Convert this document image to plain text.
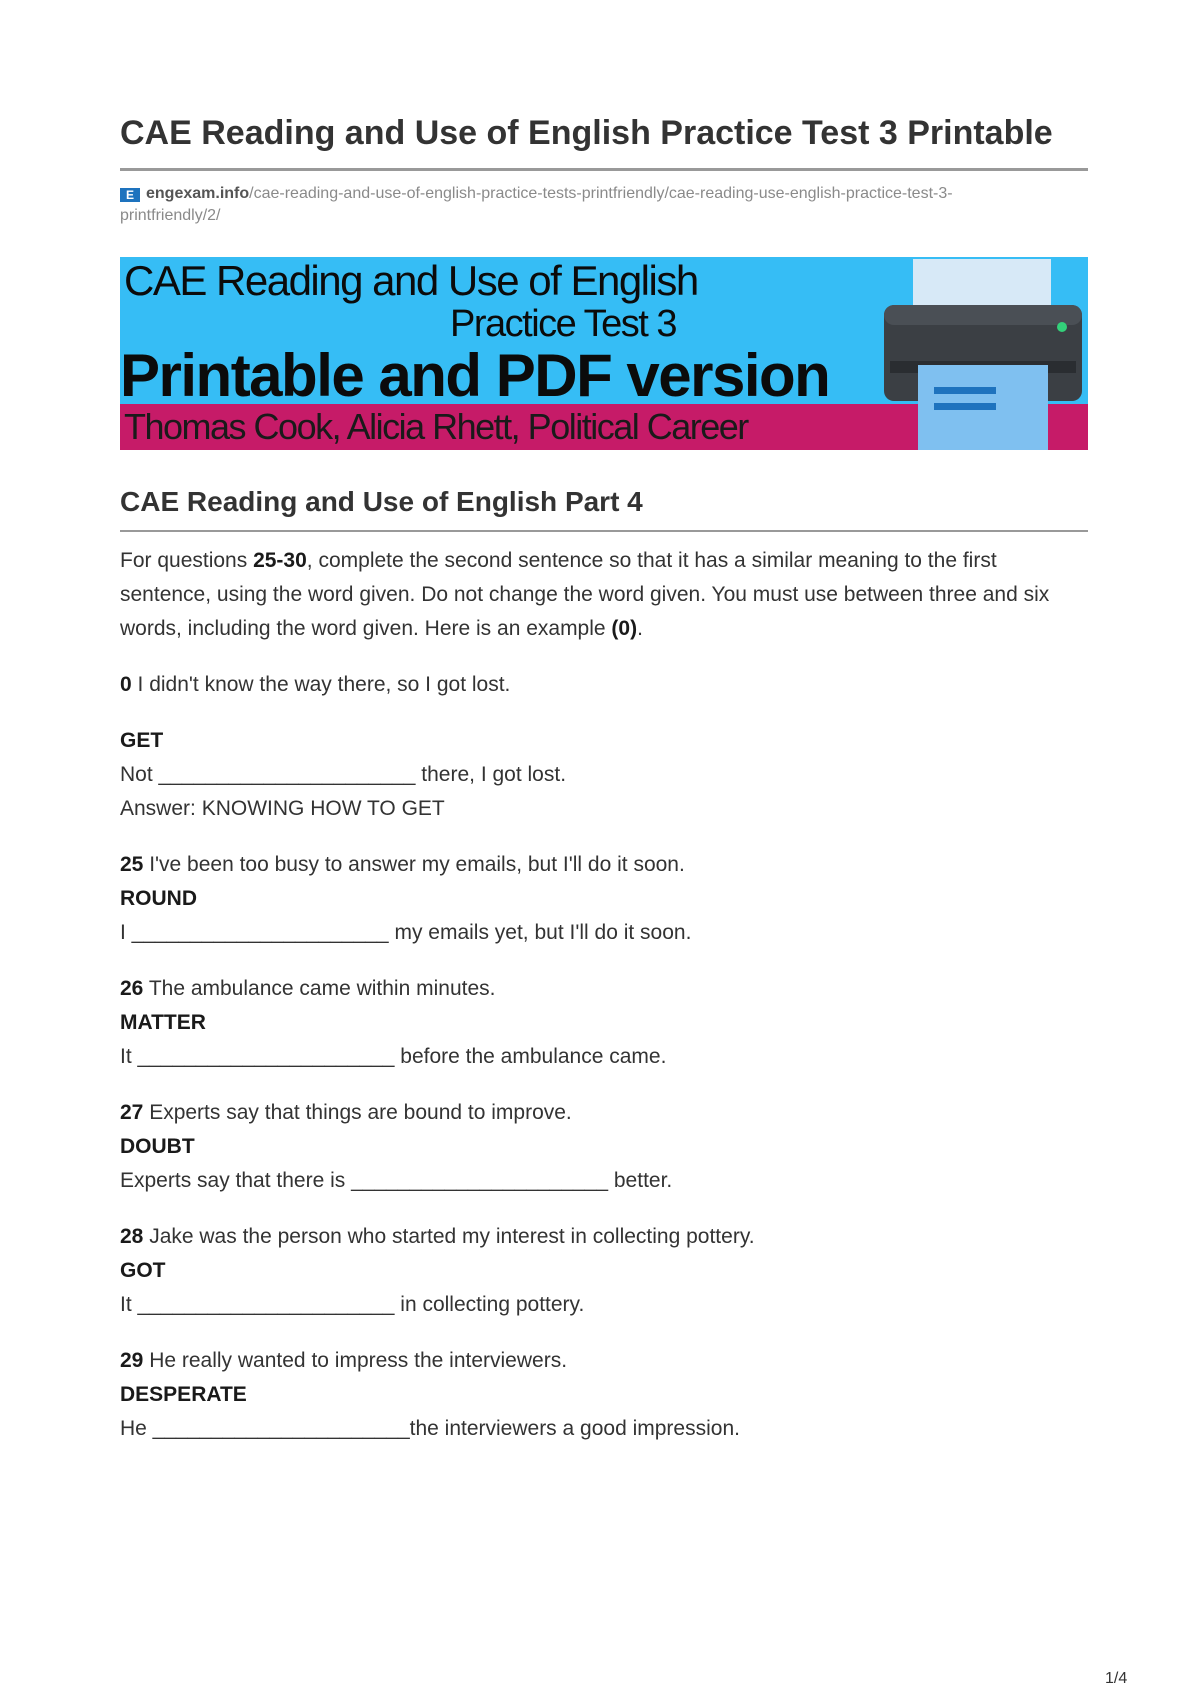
CAE Reading and Use of English Practice Test 3 Printable
E engexam.info/cae-reading-and-use-of-english-practice-tests-printfriendly/cae-reading-use-english-practice-test-3-
printfriendly/2/
CAE Reading and Use of English
Practice Test 3
Printable and PDF version
Thomas Cook, Alicia Rhett, Political Career
CAE Reading and Use of English Part 4

For questions 25-30, complete the second sentence so that it has a similar meaning to the first sentence, using the word given. Do not change the word given. You must use between three and six words, including the word given. Here is an example (0).

0 I didn't know the way there, so I got lost.

GET

Not ______________________ there, I got lost.

Answer: KNOWING HOW TO GET

25 I've been too busy to answer my emails, but I'll do it soon.

ROUND

I ______________________ my emails yet, but I'll do it soon.

26 The ambulance came within minutes.

MATTER

It ______________________ before the ambulance came.

27 Experts say that things are bound to improve.

DOUBT

Experts say that there is ______________________ better.

28 Jake was the person who started my interest in collecting pottery.

GOT

It ______________________ in collecting pottery.

29 He really wanted to impress the interviewers.

DESPERATE

He ______________________the interviewers a good impression.

1/4
